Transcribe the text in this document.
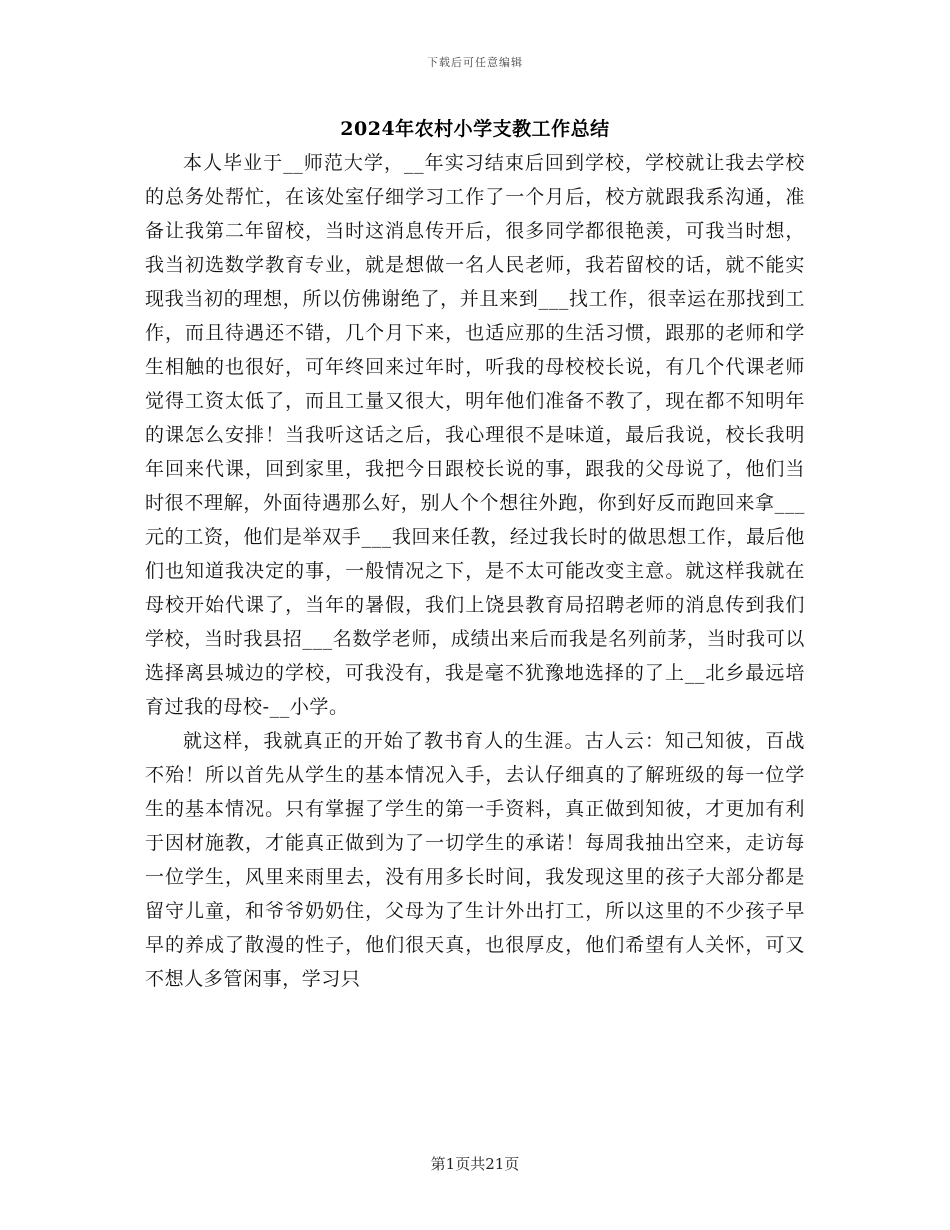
下载后可任意编辑
2024年农村小学支教工作总结

本人毕业于__师范大学，__年实习结束后回到学校，学校就让我去学校的总务处帮忙，在该处室仔细学习工作了一个月后，校方就跟我系沟通，准备让我第二年留校，当时这消息传开后，很多同学都很艳羡，可我当时想，我当初选数学教育专业，就是想做一名人民老师，我若留校的话，就不能实现我当初的理想，所以仿佛谢绝了，并且来到___找工作，很幸运在那找到工作，而且待遇还不错，几个月下来，也适应那的生活习惯，跟那的老师和学生相触的也很好，可年终回来过年时，听我的母校校长说，有几个代课老师觉得工资太低了，而且工量又很大，明年他们准备不教了，现在都不知明年的课怎么安排！当我听这话之后，我心理很不是味道，最后我说，校长我明年回来代课，回到家里，我把今日跟校长说的事，跟我的父母说了，他们当时很不理解，外面待遇那么好，别人个个想往外跑，你到好反而跑回来拿___元的工资，他们是举双手___我回来任教，经过我长时的做思想工作，最后他们也知道我决定的事，一般情况之下，是不太可能改变主意。就这样我就在母校开始代课了，当年的暑假，我们上饶县教育局招聘老师的消息传到我们学校，当时我县招___名数学老师，成绩出来后而我是名列前茅，当时我可以选择离县城边的学校，可我没有，我是毫不犹豫地选择的了上__北乡最远培育过我的母校-__小学。

就这样，我就真正的开始了教书育人的生涯。古人云：知己知彼，百战不殆！所以首先从学生的基本情况入手，去认仔细真的了解班级的每一位学生的基本情况。只有掌握了学生的第一手资料，真正做到知彼，才更加有利于因材施教，才能真正做到为了一切学生的承诺！每周我抽出空来，走访每一位学生，风里来雨里去，没有用多长时间，我发现这里的孩子大部分都是留守儿童，和爷爷奶奶住，父母为了生计外出打工，所以这里的不少孩子早早的养成了散漫的性子，他们很天真，也很厚皮，他们希望有人关怀，可又不想人多管闲事，学习只

第1页共21页
